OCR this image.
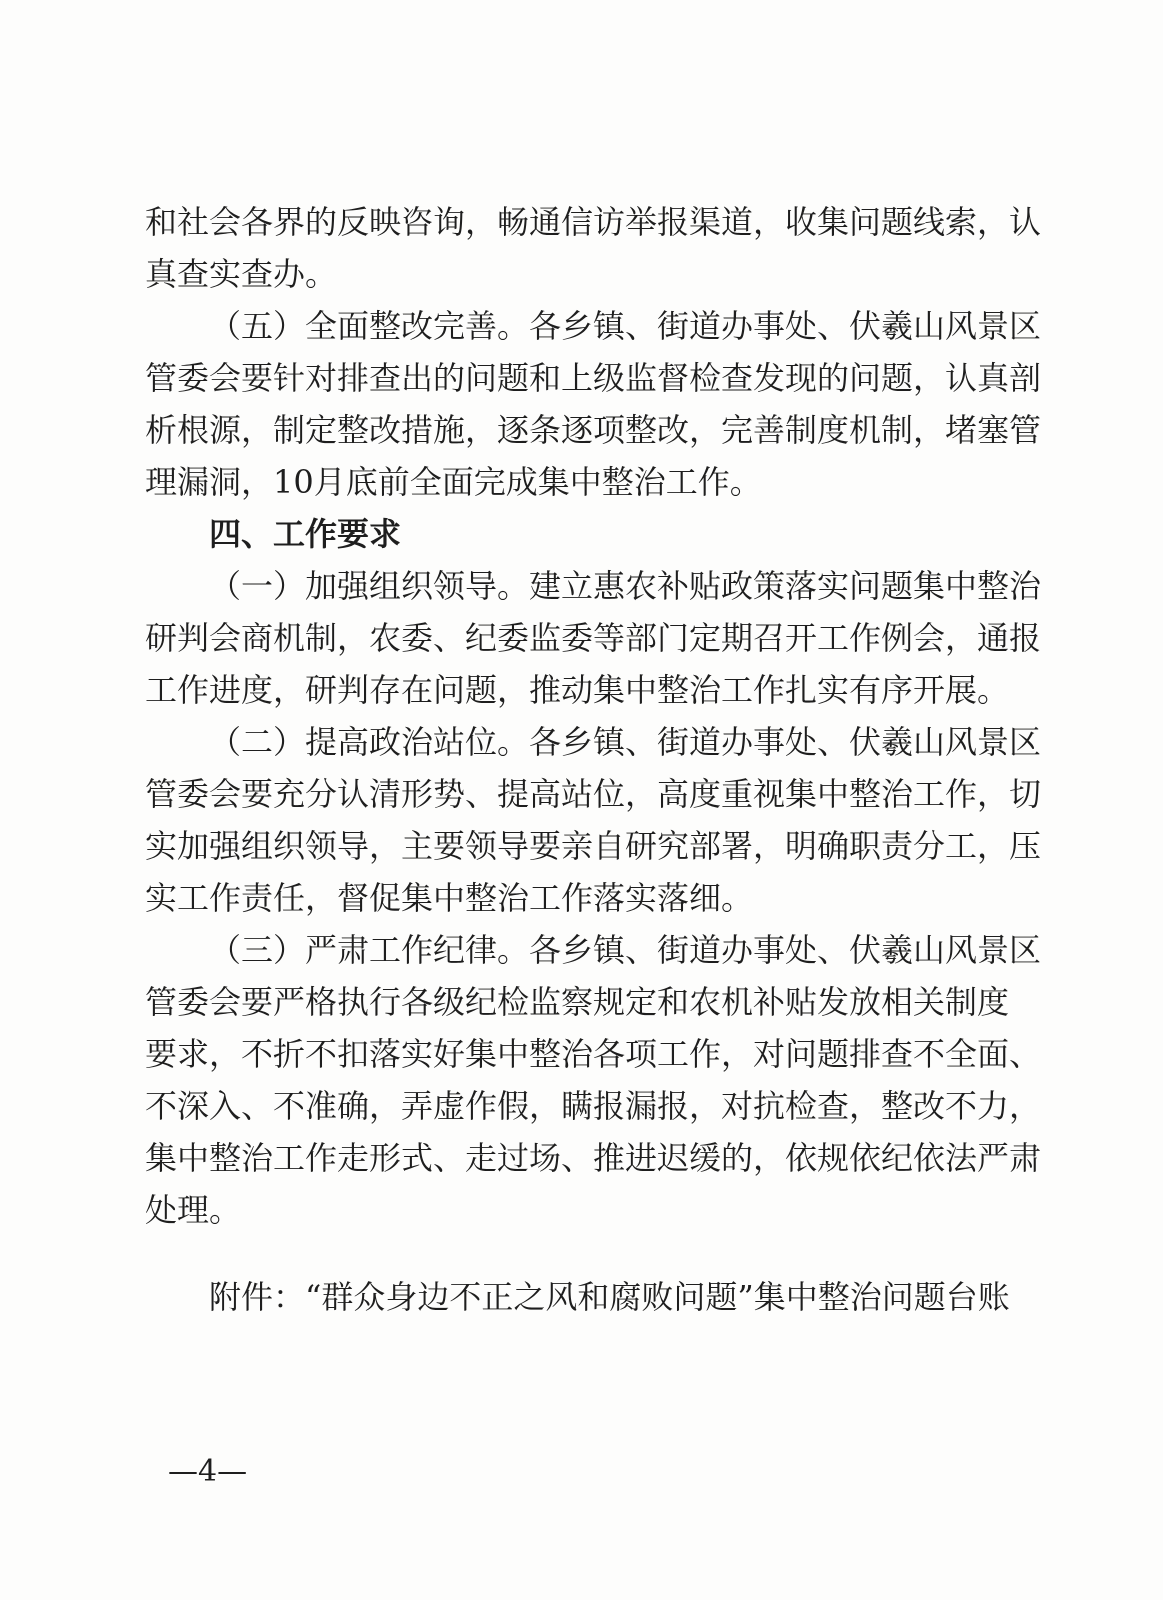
和社会各界的反映咨询，畅通信访举报渠道，收集问题线索，认
真查实查办。
（五）全面整改完善。各乡镇、街道办事处、伏羲山风景区
管委会要针对排查出的问题和上级监督检查发现的问题，认真剖
析根源，制定整改措施，逐条逐项整改，完善制度机制，堵塞管
理漏洞，10月底前全面完成集中整治工作。
四、工作要求
（一）加强组织领导。建立惠农补贴政策落实问题集中整治
研判会商机制，农委、纪委监委等部门定期召开工作例会，通报
工作进度，研判存在问题，推动集中整治工作扎实有序开展。
（二）提高政治站位。各乡镇、街道办事处、伏羲山风景区
管委会要充分认清形势、提高站位，高度重视集中整治工作，切
实加强组织领导，主要领导要亲自研究部署，明确职责分工，压
实工作责任，督促集中整治工作落实落细。
（三）严肃工作纪律。各乡镇、街道办事处、伏羲山风景区
管委会要严格执行各级纪检监察规定和农机补贴发放相关制度
要求，不折不扣落实好集中整治各项工作，对问题排查不全面、
不深入、不准确，弄虚作假，瞒报漏报，对抗检查，整改不力，
集中整治工作走形式、走过场、推进迟缓的，依规依纪依法严肃
处理。
附件：“群众身边不正之风和腐败问题”集中整治问题台账
—4—
